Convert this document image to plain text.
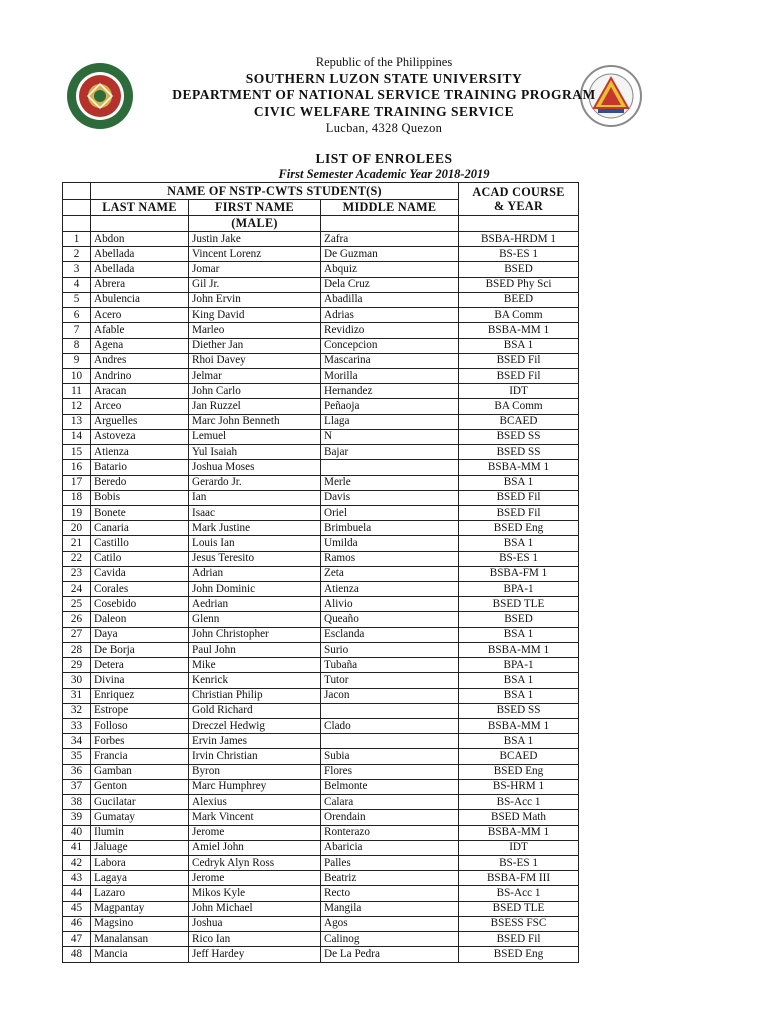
Republic of the Philippines
SOUTHERN LUZON STATE UNIVERSITY
DEPARTMENT OF NATIONAL SERVICE TRAINING PROGRAM
CIVIC WELFARE TRAINING SERVICE
Lucban, 4328 Quezon
LIST OF ENROLEES
First Semester Academic Year 2018-2019
	NAME OF NSTP-CWTS STUDENT(S)			ACAD COURSE
& YEAR

	LAST NAME	FIRST NAME	MIDDLE NAME	
		(MALE)		
1	Abdon	Justin Jake	Zafra	BSBA-HRDM 1
2	Abellada	Vincent Lorenz	De Guzman	BS-ES 1
3	Abellada	Jomar	Abquiz	BSED
4	Abrera	Gil Jr.	Dela Cruz	BSED Phy Sci
5	Abulencia	John Ervin	Abadilla	BEED
6	Acero	King David	Adrias	BA Comm
7	Afable	Marleo	Revidizo	BSBA-MM 1
8	Agena	Diether Jan	Concepcion	BSA 1
9	Andres	Rhoi Davey	Mascarina	BSED Fil
10	Andrino	Jelmar	Morilla	BSED Fil
11	Aracan	John Carlo	Hernandez	IDT
12	Arceo	Jan Ruzzel	Peñaoja	BA Comm
13	Arguelles	Marc John Benneth	Llaga	BCAED
14	Astoveza	Lemuel	N	BSED SS
15	Atienza	Yul Isaiah	Bajar	BSED SS
16	Batario	Joshua Moses		BSBA-MM 1
17	Beredo	Gerardo Jr.	Merle	BSA 1
18	Bobis	Ian	Davis	BSED Fil
19	Bonete	Isaac	Oriel	BSED Fil
20	Canaria	Mark Justine	Brimbuela	BSED Eng
21	Castillo	Louis Ian	Umilda	BSA 1
22	Catilo	Jesus Teresito	Ramos	BS-ES 1
23	Cavida	Adrian	Zeta	BSBA-FM 1
24	Corales	John Dominic	Atienza	BPA-1
25	Cosebido	Aedrian	Alivio	BSED TLE
26	Daleon	Glenn	Queaño	BSED
27	Daya	John Christopher	Esclanda	BSA 1
28	De Borja	Paul John	Surio	BSBA-MM 1
29	Detera	Mike	Tubaña	BPA-1
30	Divina	Kenrick	Tutor	BSA 1
31	Enriquez	Christian Philip	Jacon	BSA 1
32	Estrope	Gold Richard		BSED SS
33	Folloso	Dreczel Hedwig	Clado	BSBA-MM 1
34	Forbes	Ervin James		BSA 1
35	Francia	Irvin Christian	Subia	BCAED
36	Gamban	Byron	Flores	BSED Eng
37	Genton	Marc Humphrey	Belmonte	BS-HRM 1
38	Gucilatar	Alexius	Calara	BS-Acc 1
39	Gumatay	Mark Vincent	Orendain	BSED Math
40	Ilumin	Jerome	Ronterazo	BSBA-MM 1
41	Jaluage	Amiel John	Abaricia	IDT
42	Labora	Cedryk Alyn Ross	Palles	BS-ES 1
43	Lagaya	Jerome	Beatriz	BSBA-FM III
44	Lazaro	Mikos Kyle	Recto	BS-Acc 1
45	Magpantay	John Michael	Mangila	BSED TLE
46	Magsino	Joshua	Agos	BSESS FSC
47	Manalansan	Rico Ian	Calinog	BSED Fil
48	Mancia	Jeff Hardey	De La Pedra	BSED Eng
